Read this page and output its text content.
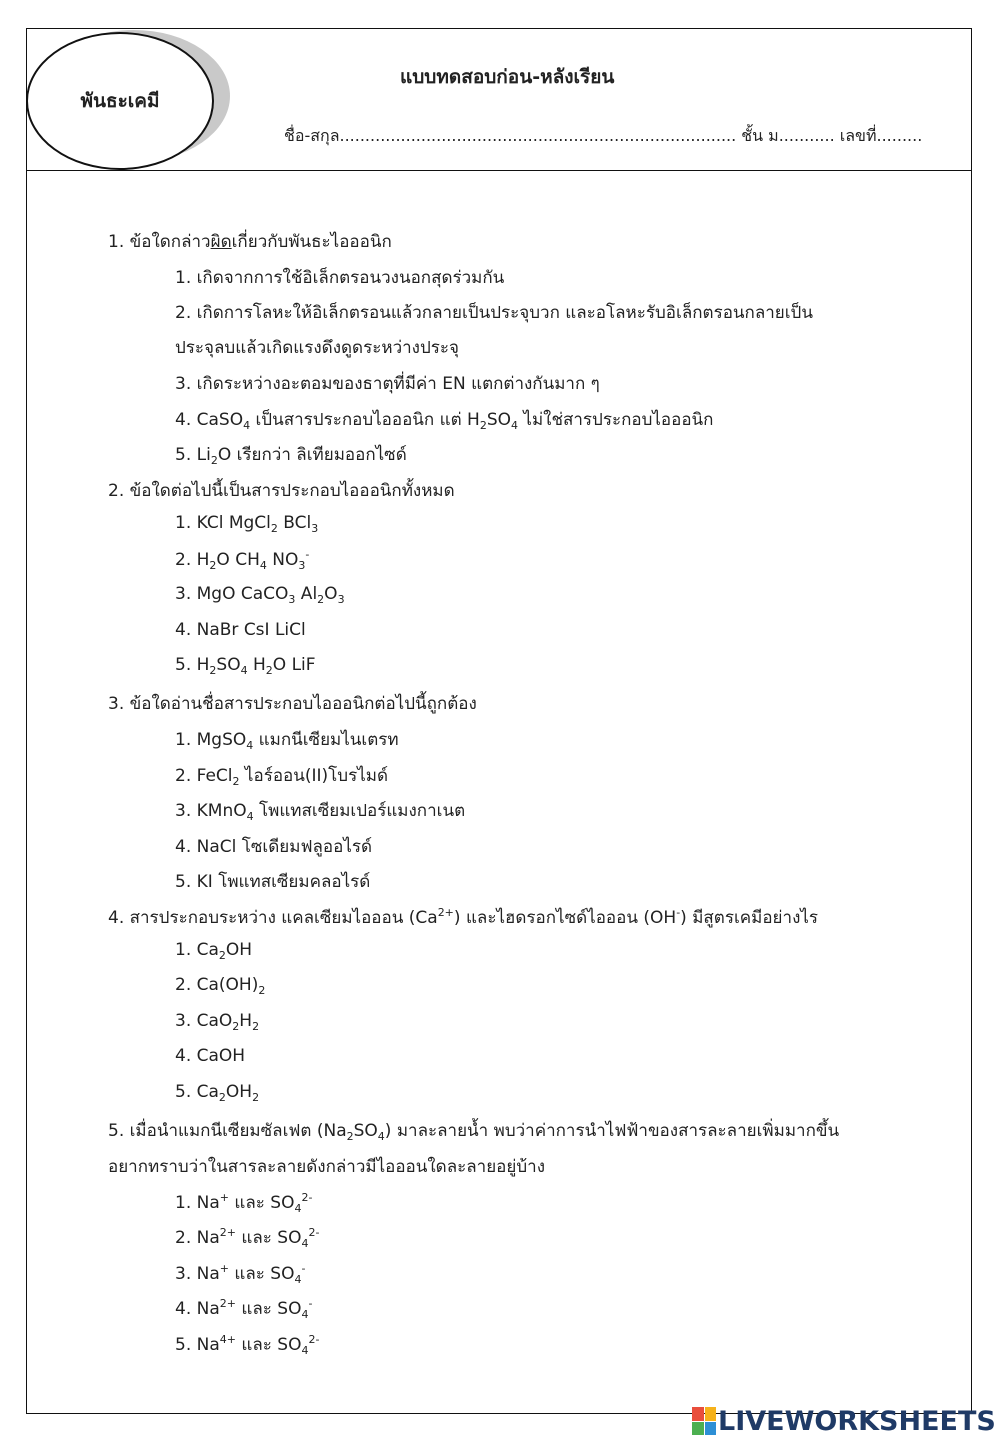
พันธะเคมี
แบบทดสอบก่อน-หลังเรียน
ชื่อ-สกุล.............................................................................. ชั้น ม........... เลขที่.........
1. ข้อใดกล่าวผิดเกี่ยวกับพันธะไอออนิก
1. เกิดจากการใช้อิเล็กตรอนวงนอกสุดร่วมกัน
2. เกิดการโลหะให้อิเล็กตรอนแล้วกลายเป็นประจุบวก และอโลหะรับอิเล็กตรอนกลายเป็น
ประจุลบแล้วเกิดแรงดึงดูดระหว่างประจุ
3. เกิดระหว่างอะตอมของธาตุที่มีค่า EN แตกต่างกันมาก ๆ
4. CaSO$_4$ เป็นสารประกอบไอออนิก แต่ $H_2SO_4$ ไม่ใช่สารประกอบไอออนิก
5. $Li_2O$ เรียกว่า ลิเทียมออกไซด์
2. ข้อใดต่อไปนี้เป็นสารประกอบไอออนิกทั้งหมด
1. KCl MgCl$_2$ BCl$_3$
2. $H_2O$ $CH_4$ $NO_3^-$
3. MgO CaCO$_3$ $Al_2O_3$
4. NaBr CsI LiCl
5. $H_2SO_4$ $H_2O$ LiF
3. ข้อใดอ่านชื่อสารประกอบไอออนิกต่อไปนี้ถูกต้อง
1. MgSO$_4$ แมกนีเซียมไนเตรท
2. FeCl$_2$ ไอร์ออน(II)โบรไมด์
3. KMnO$_4$ โพแทสเซียมเปอร์แมงกาเนต
4. NaCl โซเดียมฟลูออไรด์
5. KI โพแทสเซียมคลอไรด์
4. สารประกอบระหว่าง แคลเซียมไอออน $(Ca^{2+})$ และไฮดรอกไซด์ไอออน (OH-) มีสูตรเคมีอย่างไร
1. $Ca_2OH$
2. $Ca(OH)_2$
3. $CaO_2H_2$
4. CaOH
5. $Ca_2OH_2$
5. เมื่อนำแมกนีเซียมซัลเฟต $(Na_2SO_4)$ มาละลายน้ำ พบว่าค่าการนำไฟฟ้าของสารละลายเพิ่มมากขึ้น
อยากทราบว่าในสารละลายดังกล่าวมีไอออนใดละลายอยู่บ้าง
1. Na+ และ $SO_4^{2-}$
2. $Na^{2+}$ และ $SO_4^{2-}$
3. Na+ และ $SO_4^-$
4. $Na^{2+}$ และ $SO_4^-$
5. $Na^{4+}$ และ $SO_4^{2-}$
LIVEWORKSHEETS
